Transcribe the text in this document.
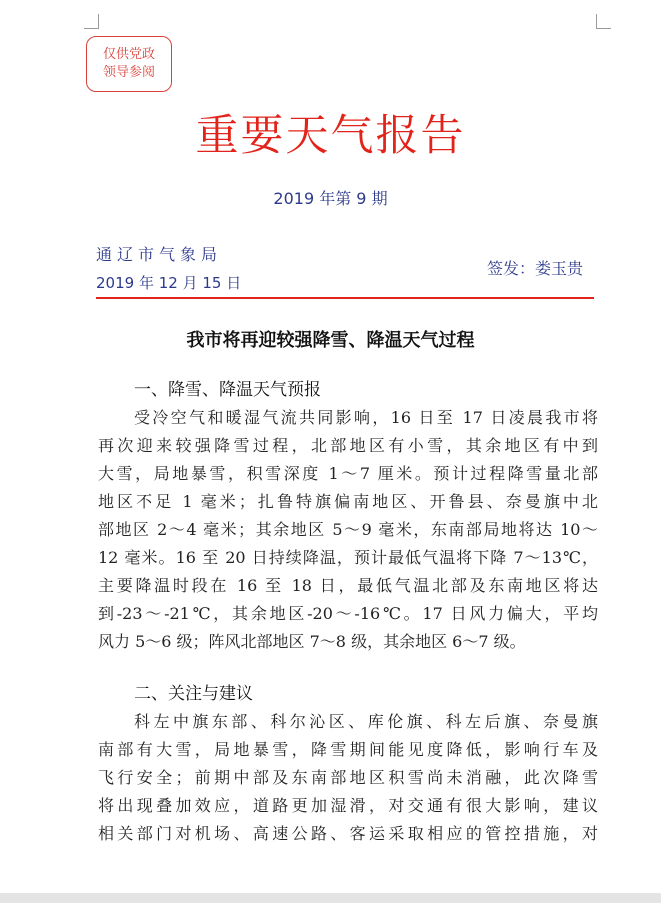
仅供党政
领导参阅
重要天气报告
2019 年第 9 期
通辽市气象局
2019 年 12 月 15 日
签发：娄玉贵
我市将再迎较强降雪、降温天气过程
一、降雪、降温天气预报
受冷空气和暖湿气流共同影响，16 日至 17 日凌晨我市将
再次迎来较强降雪过程，北部地区有小雪，其余地区有中到
大雪，局地暴雪，积雪深度 1～7 厘米。预计过程降雪量北部
地区不足 1 毫米；扎鲁特旗偏南地区、开鲁县、奈曼旗中北
部地区 2～4 毫米；其余地区 5～9 毫米，东南部局地将达 10～
12 毫米。16 至 20 日持续降温，预计最低气温将下降 7～13℃，
主要降温时段在 16 至 18 日，最低气温北部及东南地区将达
到-23～-21℃，其余地区-20～-16℃。17 日风力偏大，平均
风力 5～6 级；阵风北部地区 7～8 级，其余地区 6～7 级。
二、关注与建议
科左中旗东部、科尔沁区、库伦旗、科左后旗、奈曼旗
南部有大雪，局地暴雪，降雪期间能见度降低，影响行车及
飞行安全；前期中部及东南部地区积雪尚未消融，此次降雪
将出现叠加效应，道路更加湿滑，对交通有很大影响，建议
相关部门对机场、高速公路、客运采取相应的管控措施，对
